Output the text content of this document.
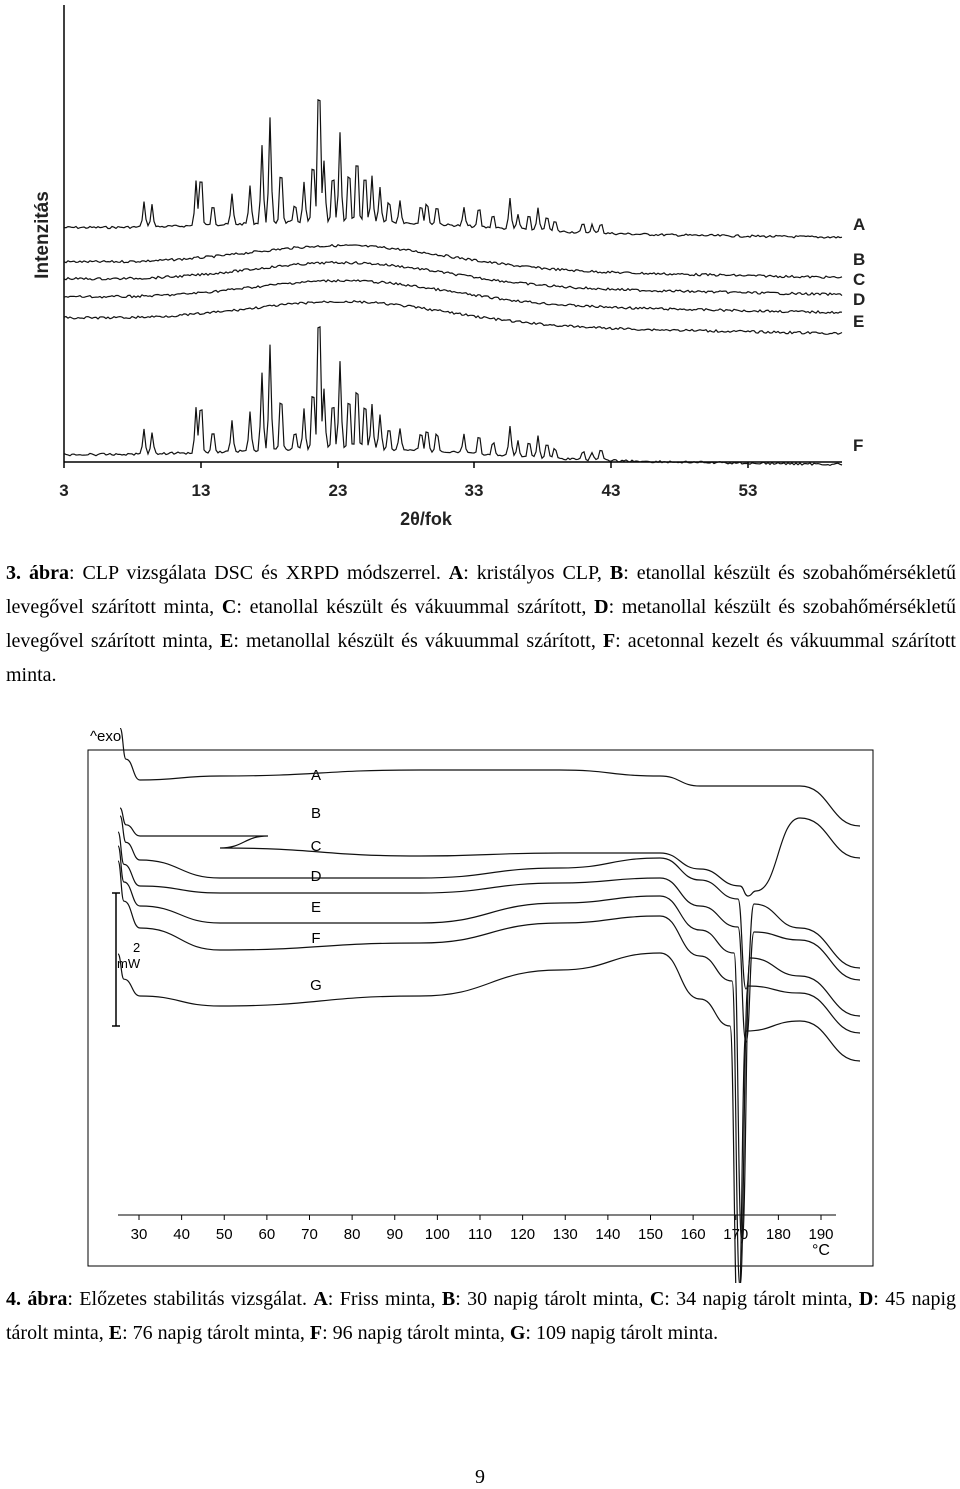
3	13	23	33	43	53
A
B
C
D
E
F
Intenzitás
2θ/fok
3. ábra: CLP vizsgálata DSC és XRPD módszerrel. A: kristályos CLP, B: etanollal készült és szobahőmérsékletű levegővel szárított minta, C: etanollal készült és vákuummal szárított, D: metanollal készült és szobahőmérsékletű levegővel szárított minta, E: metanollal készült és vákuummal szárított, F: acetonnal kezelt és vákuummal szárított minta.
^exo
2
mW
30 40 50 60 70 80 90 100 110 120 130 140 150 160 170 180 190
A
B
C
D
E
F
G
°C
4. ábra: Előzetes stabilitás vizsgálat. A: Friss minta, B: 30 napig tárolt minta, C: 34 napig tárolt minta, D: 45 napig tárolt minta, E: 76 napig tárolt minta, F: 96 napig tárolt minta, G: 109 napig tárolt minta.
9
